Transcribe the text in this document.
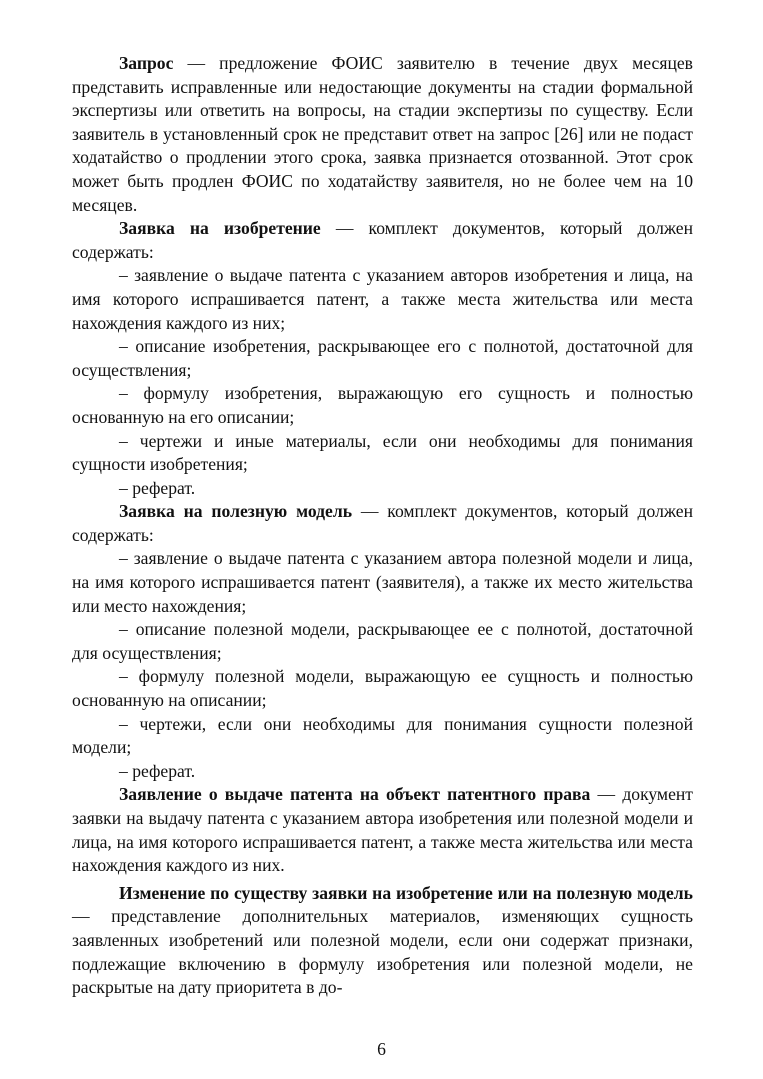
Запрос — предложение ФОИС заявителю в течение двух месяцев представить исправленные или недостающие документы на стадии формальной экспертизы или ответить на вопросы, на стадии экспертизы по существу. Если заявитель в установленный срок не представит ответ на запрос [26] или не подаст ходатайство о продлении этого срока, заявка признается отозванной. Этот срок может быть продлен ФОИС по ходатайству заявителя, но не более чем на 10 месяцев.

Заявка на изобретение — комплект документов, который должен содержать:

– заявление о выдаче патента с указанием авторов изобретения и лица, на имя которого испрашивается патент, а также места жительства или места нахождения каждого из них;

– описание изобретения, раскрывающее его с полнотой, достаточной для осуществления;

– формулу изобретения, выражающую его сущность и полностью основанную на его описании;

– чертежи и иные материалы, если они необходимы для понимания сущности изобретения;

– реферат.

Заявка на полезную модель — комплект документов, который должен содержать:

– заявление о выдаче патента с указанием автора полезной модели и лица, на имя которого испрашивается патент (заявителя), а также их место жительства или место нахождения;

– описание полезной модели, раскрывающее ее с полнотой, достаточной для осуществления;

– формулу полезной модели, выражающую ее сущность и полностью основанную на описании;

– чертежи, если они необходимы для понимания сущности полезной модели;

– реферат.

Заявление о выдаче патента на объект патентного права — документ заявки на выдачу патента с указанием автора изобретения или полезной модели и лица, на имя которого испрашивается патент, а также места жительства или места нахождения каждого из них.

Изменение по существу заявки на изобретение или на полезную модель — представление дополнительных материалов, изменяющих сущность заявленных изобретений или полезной модели, если они содержат признаки, подлежащие включению в формулу изобретения или полезной модели, не раскрытые на дату приоритета в до-

6
